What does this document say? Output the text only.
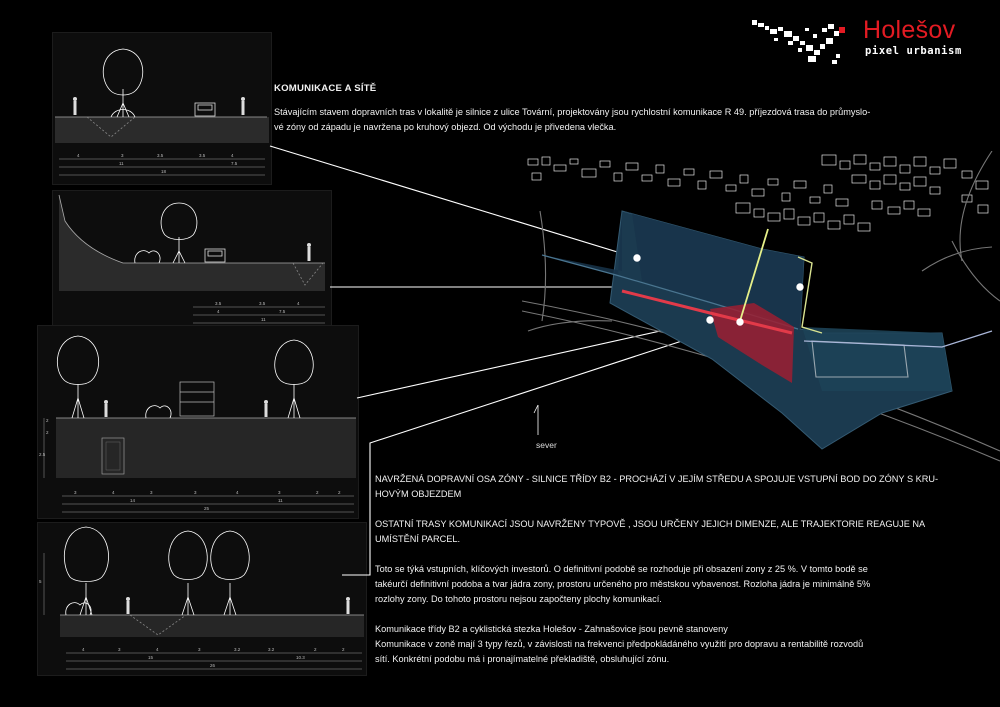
Holešov
pixel urbanism
KOMUNIKACE A SÍTĚ
Stávajícím stavem dopravních tras v lokalitě je silnice z ulice Tovární, projektovány jsou rychlostní komunikace R 49. příjezdová trasa do průmyslo-
vé zóny od západu je navržena po kruhový objezd. Od východu je přivedena vlečka.
4	3	3.5	3.5	4
11	7.5
18
3.5	3.5	4
7.5
4
11
2
2
2.5
3	4	3	3	4	3	2	2
14	11
25
5
4	3	4	3	3.2	3.2	2	2
15	10.3
26
sever
NAVRŽENÁ DOPRAVNÍ OSA ZÓNY - SILNICE TŘÍDY B2 - PROCHÁZÍ V JEJÍM STŘEDU A SPOJUJE VSTUPNÍ BOD DO ZÓNY S KRU-
HOVÝM OBJEZDEM
OSTATNÍ TRASY KOMUNIKACÍ JSOU NAVRŽENY TYPOVĚ , JSOU URČENY JEJICH DIMENZE, ALE TRAJEKTORIE REAGUJE NA
UMÍSTĚNÍ PARCEL.
Toto se týká vstupních, klíčových investorů. O definitivní podobě se rozhoduje při obsazení zony z 25 %. V tomto bodě se
takéurčí definitivní podoba a tvar jádra zony, prostoru určeného pro městskou vybavenost. Rozloha jádra je minimálně 5%
rozlohy zony. Do tohoto prostoru nejsou započteny plochy komunikací.
Komunikace třídy B2 a cyklistická stezka Holešov - Zahnašovice jsou pevně stanoveny
Komunikace v zoně mají 3 typy řezů, v závislosti na frekvenci předpokládáného využití pro dopravu a rentabilitě rozvodů
sítí. Konkrétní podobu má i pronajímatelné překladiště, obsluhující zónu.
